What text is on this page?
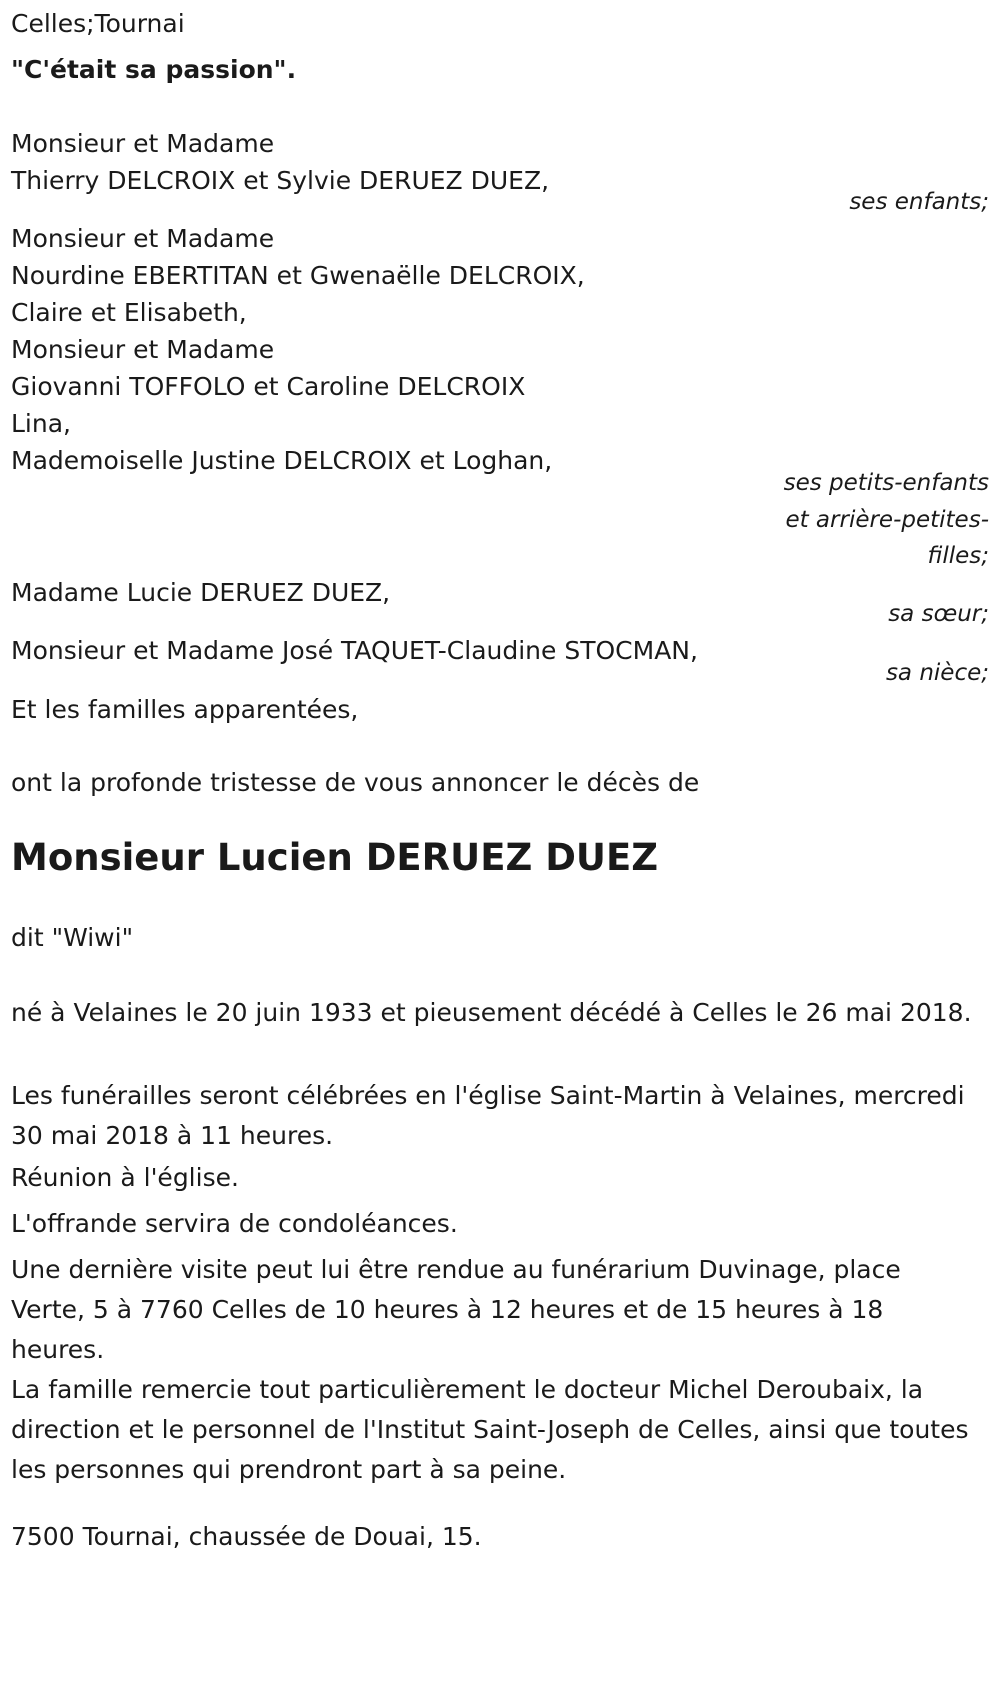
Celles;Tournai
"C'était sa passion".
Monsieur et Madame
Thierry DELCROIX et Sylvie DERUEZ DUEZ,
ses enfants;
Monsieur et Madame
Nourdine EBERTITAN et Gwenaëlle DELCROIX,
Claire et Elisabeth,
Monsieur et Madame
Giovanni TOFFOLO et Caroline DELCROIX
Lina,
Mademoiselle Justine DELCROIX et Loghan,
ses petits-enfants
et arrière-petites-
filles;
Madame Lucie DERUEZ DUEZ,
sa sœur;
Monsieur et Madame José TAQUET-Claudine STOCMAN,
sa nièce;
Et les familles apparentées,
ont la profonde tristesse de vous annoncer le décès de
Monsieur Lucien DERUEZ DUEZ
dit "Wiwi"
né à Velaines le 20 juin 1933 et pieusement décédé à Celles le 26 mai 2018.
Les funérailles seront célébrées en l'église Saint-Martin à Velaines, mercredi 30 mai 2018 à 11 heures.
Réunion à l'église.
L'offrande servira de condoléances.
Une dernière visite peut lui être rendue au funérarium Duvinage, place Verte, 5 à 7760 Celles de 10 heures à 12 heures et de 15 heures à 18 heures.
La famille remercie tout particulièrement le docteur Michel Deroubaix, la direction et le personnel de l'Institut Saint-Joseph de Celles, ainsi que toutes les personnes qui prendront part à sa peine.
7500 Tournai, chaussée de Douai, 15.
